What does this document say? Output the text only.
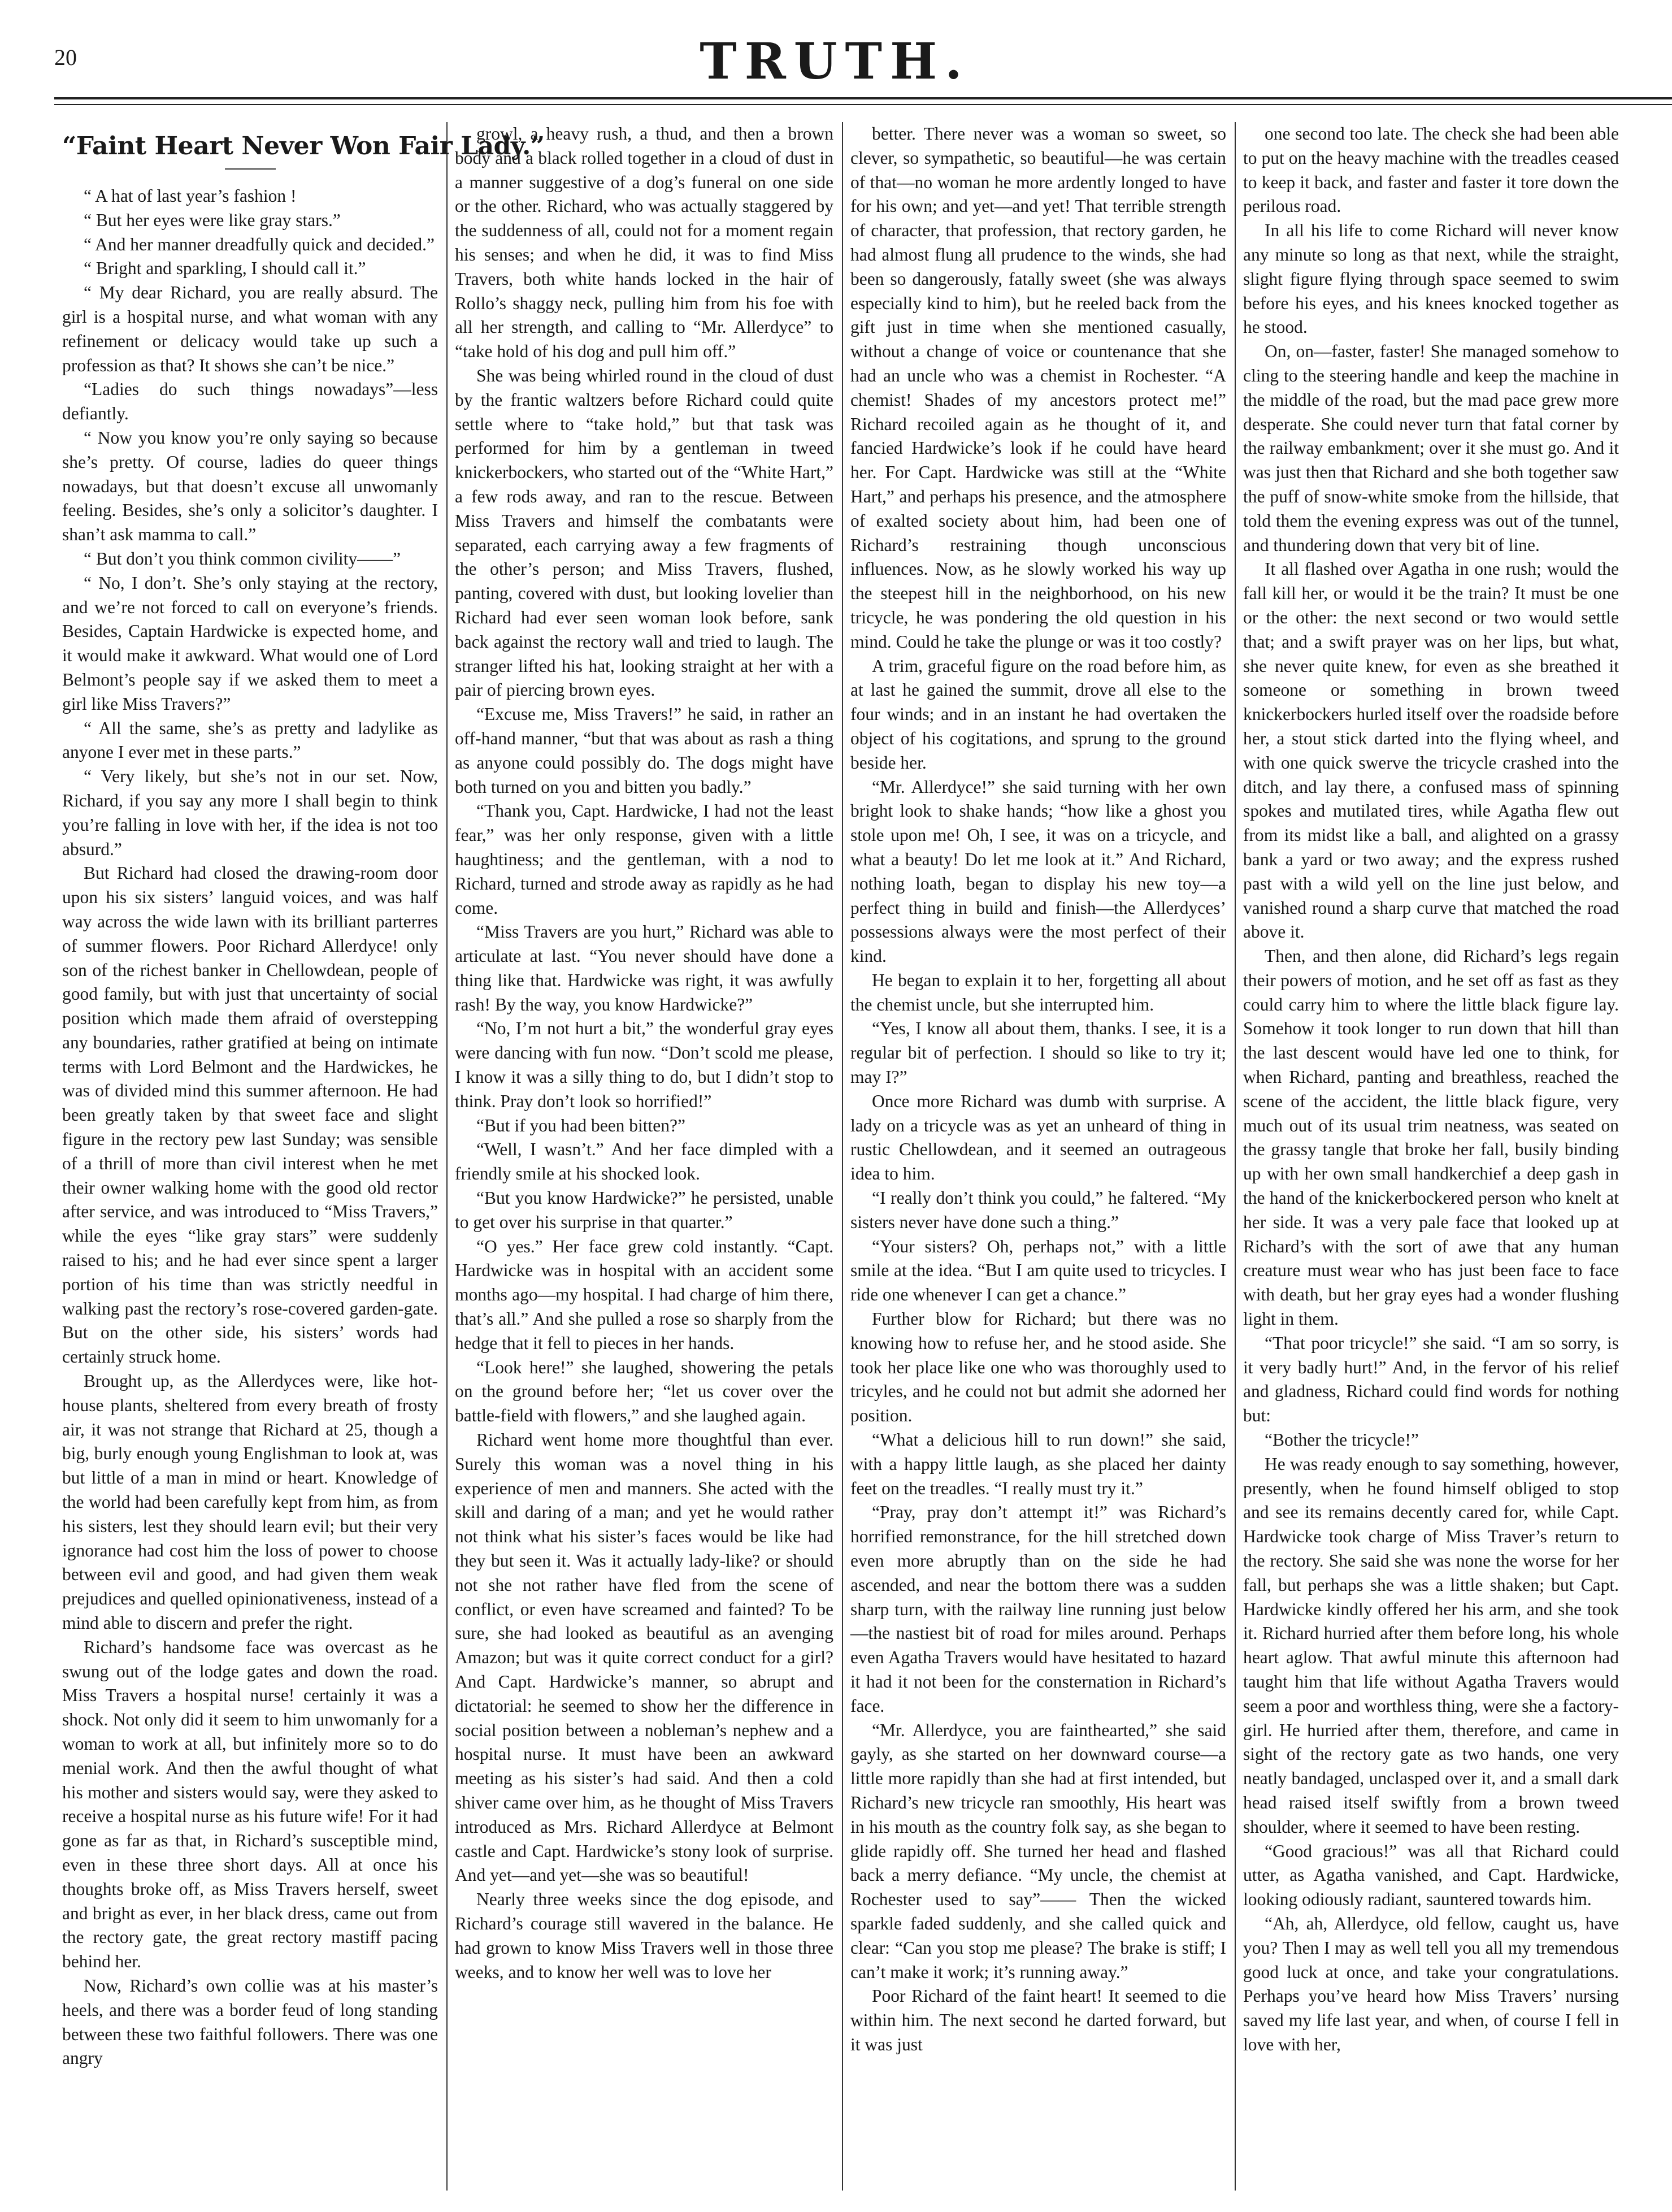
20	TRUTH.
“Faint Heart Never Won Fair Lady.”

“ A hat of last year’s fashion !

“ But her eyes were like gray stars.”

“ And her manner dreadfully quick and decided.”

“ Bright and sparkling, I should call it.”

“ My dear Richard, you are really absurd. The girl is a hospital nurse, and what woman with any refinement or delicacy would take up such a profession as that? It shows she can’t be nice.”

“Ladies do such things nowadays”—less defiantly.

“ Now you know you’re only saying so because she’s pretty. Of course, ladies do queer things nowadays, but that doesn’t excuse all unwomanly feeling. Besides, she’s only a solicitor’s daughter. I shan’t ask mamma to call.”

“ But don’t you think common civility——”

“ No, I don’t. She’s only staying at the rectory, and we’re not forced to call on everyone’s friends. Besides, Captain Hardwicke is expected home, and it would make it awkward. What would one of Lord Belmont’s people say if we asked them to meet a girl like Miss Travers?”

“ All the same, she’s as pretty and ladylike as anyone I ever met in these parts.”

“ Very likely, but she’s not in our set. Now, Richard, if you say any more I shall begin to think you’re falling in love with her, if the idea is not too absurd.”

But Richard had closed the drawing-room door upon his six sisters’ languid voices, and was half way across the wide lawn with its brilliant parterres of summer flowers. Poor Richard Allerdyce! only son of the richest banker in Chellowdean, people of good family, but with just that uncertainty of social position which made them afraid of overstepping any boundaries, rather gratified at being on intimate terms with Lord Belmont and the Hardwickes, he was of divided mind this summer afternoon. He had been greatly taken by that sweet face and slight figure in the rectory pew last Sunday; was sensible of a thrill of more than civil interest when he met their owner walking home with the good old rector after service, and was introduced to “Miss Travers,” while the eyes “like gray stars” were suddenly raised to his; and he had ever since spent a larger portion of his time than was strictly needful in walking past the rectory’s rose-covered garden-gate. But on the other side, his sisters’ words had certainly struck home.

Brought up, as the Allerdyces were, like hot-house plants, sheltered from every breath of frosty air, it was not strange that Richard at 25, though a big, burly enough young Englishman to look at, was but little of a man in mind or heart. Knowledge of the world had been carefully kept from him, as from his sisters, lest they should learn evil; but their very ignorance had cost him the loss of power to choose between evil and good, and had given them weak prejudices and quelled opinionativeness, instead of a mind able to discern and prefer the right.

Richard’s handsome face was overcast as he swung out of the lodge gates and down the road. Miss Travers a hospital nurse! certainly it was a shock. Not only did it seem to him unwomanly for a woman to work at all, but infinitely more so to do menial work. And then the awful thought of what his mother and sisters would say, were they asked to receive a hospital nurse as his future wife! For it had gone as far as that, in Richard’s susceptible mind, even in these three short days. All at once his thoughts broke off, as Miss Travers herself, sweet and bright as ever, in her black dress, came out from the rectory gate, the great rectory mastiff pacing behind her.

Now, Richard’s own collie was at his master’s heels, and there was a border feud of long standing between these two faithful followers. There was one angry

growl, a heavy rush, a thud, and then a brown body and a black rolled together in a cloud of dust in a manner suggestive of a dog’s funeral on one side or the other. Richard, who was actually staggered by the suddenness of all, could not for a moment regain his senses; and when he did, it was to find Miss Travers, both white hands locked in the hair of Rollo’s shaggy neck, pulling him from his foe with all her strength, and calling to “Mr. Allerdyce” to “take hold of his dog and pull him off.”

She was being whirled round in the cloud of dust by the frantic waltzers before Richard could quite settle where to “take hold,” but that task was performed for him by a gentleman in tweed knickerbockers, who started out of the “White Hart,” a few rods away, and ran to the rescue. Between Miss Travers and himself the combatants were separated, each carrying away a few fragments of the other’s person; and Miss Travers, flushed, panting, covered with dust, but looking lovelier than Richard had ever seen woman look before, sank back against the rectory wall and tried to laugh. The stranger lifted his hat, looking straight at her with a pair of piercing brown eyes.

“Excuse me, Miss Travers!” he said, in rather an off-hand manner, “but that was about as rash a thing as anyone could possibly do. The dogs might have both turned on you and bitten you badly.”

“Thank you, Capt. Hardwicke, I had not the least fear,” was her only response, given with a little haughtiness; and the gentleman, with a nod to Richard, turned and strode away as rapidly as he had come.

“Miss Travers are you hurt,” Richard was able to articulate at last. “You never should have done a thing like that. Hardwicke was right, it was awfully rash! By the way, you know Hardwicke?”

“No, I’m not hurt a bit,” the wonderful gray eyes were dancing with fun now. “Don’t scold me please, I know it was a silly thing to do, but I didn’t stop to think. Pray don’t look so horrified!”

“But if you had been bitten?”

“Well, I wasn’t.” And her face dimpled with a friendly smile at his shocked look.

“But you know Hardwicke?” he persisted, unable to get over his surprise in that quarter.”

“O yes.” Her face grew cold instantly. “Capt. Hardwicke was in hospital with an accident some months ago—my hospital. I had charge of him there, that’s all.” And she pulled a rose so sharply from the hedge that it fell to pieces in her hands.

“Look here!” she laughed, showering the petals on the ground before her; “let us cover over the battle-field with flowers,” and she laughed again.

Richard went home more thoughtful than ever. Surely this woman was a novel thing in his experience of men and manners. She acted with the skill and daring of a man; and yet he would rather not think what his sister’s faces would be like had they but seen it. Was it actually lady-like? or should not she not rather have fled from the scene of conflict, or even have screamed and fainted? To be sure, she had looked as beautiful as an avenging Amazon; but was it quite correct conduct for a girl? And Capt. Hardwicke’s manner, so abrupt and dictatorial: he seemed to show her the difference in social position between a nobleman’s nephew and a hospital nurse. It must have been an awkward meeting as his sister’s had said. And then a cold shiver came over him, as he thought of Miss Travers introduced as Mrs. Richard Allerdyce at Belmont castle and Capt. Hardwicke’s stony look of surprise. And yet—and yet—she was so beautiful!

Nearly three weeks since the dog episode, and Richard’s courage still wavered in the balance. He had grown to know Miss Travers well in those three weeks, and to know her well was to love her

better. There never was a woman so sweet, so clever, so sympathetic, so beautiful—he was certain of that—no woman he more ardently longed to have for his own; and yet—and yet! That terrible strength of character, that profession, that rectory garden, he had almost flung all prudence to the winds, she had been so dangerously, fatally sweet (she was always especially kind to him), but he reeled back from the gift just in time when she mentioned casually, without a change of voice or countenance that she had an uncle who was a chemist in Rochester. “A chemist! Shades of my ancestors protect me!” Richard recoiled again as he thought of it, and fancied Hardwicke’s look if he could have heard her. For Capt. Hardwicke was still at the “White Hart,” and perhaps his presence, and the atmosphere of exalted society about him, had been one of Richard’s restraining though unconscious influences. Now, as he slowly worked his way up the steepest hill in the neighborhood, on his new tricycle, he was pondering the old question in his mind. Could he take the plunge or was it too costly?

A trim, graceful figure on the road before him, as at last he gained the summit, drove all else to the four winds; and in an instant he had overtaken the object of his cogitations, and sprung to the ground beside her.

“Mr. Allerdyce!” she said turning with her own bright look to shake hands; “how like a ghost you stole upon me! Oh, I see, it was on a tricycle, and what a beauty! Do let me look at it.” And Richard, nothing loath, began to display his new toy—a perfect thing in build and finish—the Allerdyces’ possessions always were the most perfect of their kind.

He began to explain it to her, forgetting all about the chemist uncle, but she interrupted him.

“Yes, I know all about them, thanks. I see, it is a regular bit of perfection. I should so like to try it; may I?”

Once more Richard was dumb with surprise. A lady on a tricycle was as yet an unheard of thing in rustic Chellowdean, and it seemed an outrageous idea to him.

“I really don’t think you could,” he faltered. “My sisters never have done such a thing.”

“Your sisters? Oh, perhaps not,” with a little smile at the idea. “But I am quite used to tricycles. I ride one whenever I can get a chance.”

Further blow for Richard; but there was no knowing how to refuse her, and he stood aside. She took her place like one who was thoroughly used to tricyles, and he could not but admit she adorned her position.

“What a delicious hill to run down!” she said, with a happy little laugh, as she placed her dainty feet on the treadles. “I really must try it.”

“Pray, pray don’t attempt it!” was Richard’s horrified remonstrance, for the hill stretched down even more abruptly than on the side he had ascended, and near the bottom there was a sudden sharp turn, with the railway line running just below—the nastiest bit of road for miles around. Perhaps even Agatha Travers would have hesitated to hazard it had it not been for the consternation in Richard’s face.

“Mr. Allerdyce, you are fainthearted,” she said gayly, as she started on her downward course—a little more rapidly than she had at first intended, but Richard’s new tricycle ran smoothly, His heart was in his mouth as the country folk say, as she began to glide rapidly off. She turned her head and flashed back a merry defiance. “My uncle, the chemist at Rochester used to say”—— Then the wicked sparkle faded suddenly, and she called quick and clear: “Can you stop me please? The brake is stiff; I can’t make it work; it’s running away.”

Poor Richard of the faint heart! It seemed to die within him. The next second he darted forward, but it was just

one second too late. The check she had been able to put on the heavy machine with the treadles ceased to keep it back, and faster and faster it tore down the perilous road.

In all his life to come Richard will never know any minute so long as that next, while the straight, slight figure flying through space seemed to swim before his eyes, and his knees knocked together as he stood.

On, on—faster, faster! She managed somehow to cling to the steering handle and keep the machine in the middle of the road, but the mad pace grew more desperate. She could never turn that fatal corner by the railway embankment; over it she must go. And it was just then that Richard and she both together saw the puff of snow-white smoke from the hillside, that told them the evening express was out of the tunnel, and thundering down that very bit of line.

It all flashed over Agatha in one rush; would the fall kill her, or would it be the train? It must be one or the other: the next second or two would settle that; and a swift prayer was on her lips, but what, she never quite knew, for even as she breathed it someone or something in brown tweed knickerbockers hurled itself over the roadside before her, a stout stick darted into the flying wheel, and with one quick swerve the tricycle crashed into the ditch, and lay there, a confused mass of spinning spokes and mutilated tires, while Agatha flew out from its midst like a ball, and alighted on a grassy bank a yard or two away; and the express rushed past with a wild yell on the line just below, and vanished round a sharp curve that matched the road above it.

Then, and then alone, did Richard’s legs regain their powers of motion, and he set off as fast as they could carry him to where the little black figure lay. Somehow it took longer to run down that hill than the last descent would have led one to think, for when Richard, panting and breathless, reached the scene of the accident, the little black figure, very much out of its usual trim neatness, was seated on the grassy tangle that broke her fall, busily binding up with her own small handkerchief a deep gash in the hand of the knickerbockered person who knelt at her side. It was a very pale face that looked up at Richard’s with the sort of awe that any human creature must wear who has just been face to face with death, but her gray eyes had a wonder flushing light in them.

“That poor tricycle!” she said. “I am so sorry, is it very badly hurt!” And, in the fervor of his relief and gladness, Richard could find words for nothing but:

“Bother the tricycle!”

He was ready enough to say something, however, presently, when he found himself obliged to stop and see its remains decently cared for, while Capt. Hardwicke took charge of Miss Traver’s return to the rectory. She said she was none the worse for her fall, but perhaps she was a little shaken; but Capt. Hardwicke kindly offered her his arm, and she took it. Richard hurried after them before long, his whole heart aglow. That awful minute this afternoon had taught him that life without Agatha Travers would seem a poor and worthless thing, were she a factory-girl. He hurried after them, therefore, and came in sight of the rectory gate as two hands, one very neatly bandaged, unclasped over it, and a small dark head raised itself swiftly from a brown tweed shoulder, where it seemed to have been resting.

“Good gracious!” was all that Richard could utter, as Agatha vanished, and Capt. Hardwicke, looking odiously radiant, sauntered towards him.

“Ah, ah, Allerdyce, old fellow, caught us, have you? Then I may as well tell you all my tremendous good luck at once, and take your congratulations. Perhaps you’ve heard how Miss Travers’ nursing saved my life last year, and when, of course I fell in love with her,
